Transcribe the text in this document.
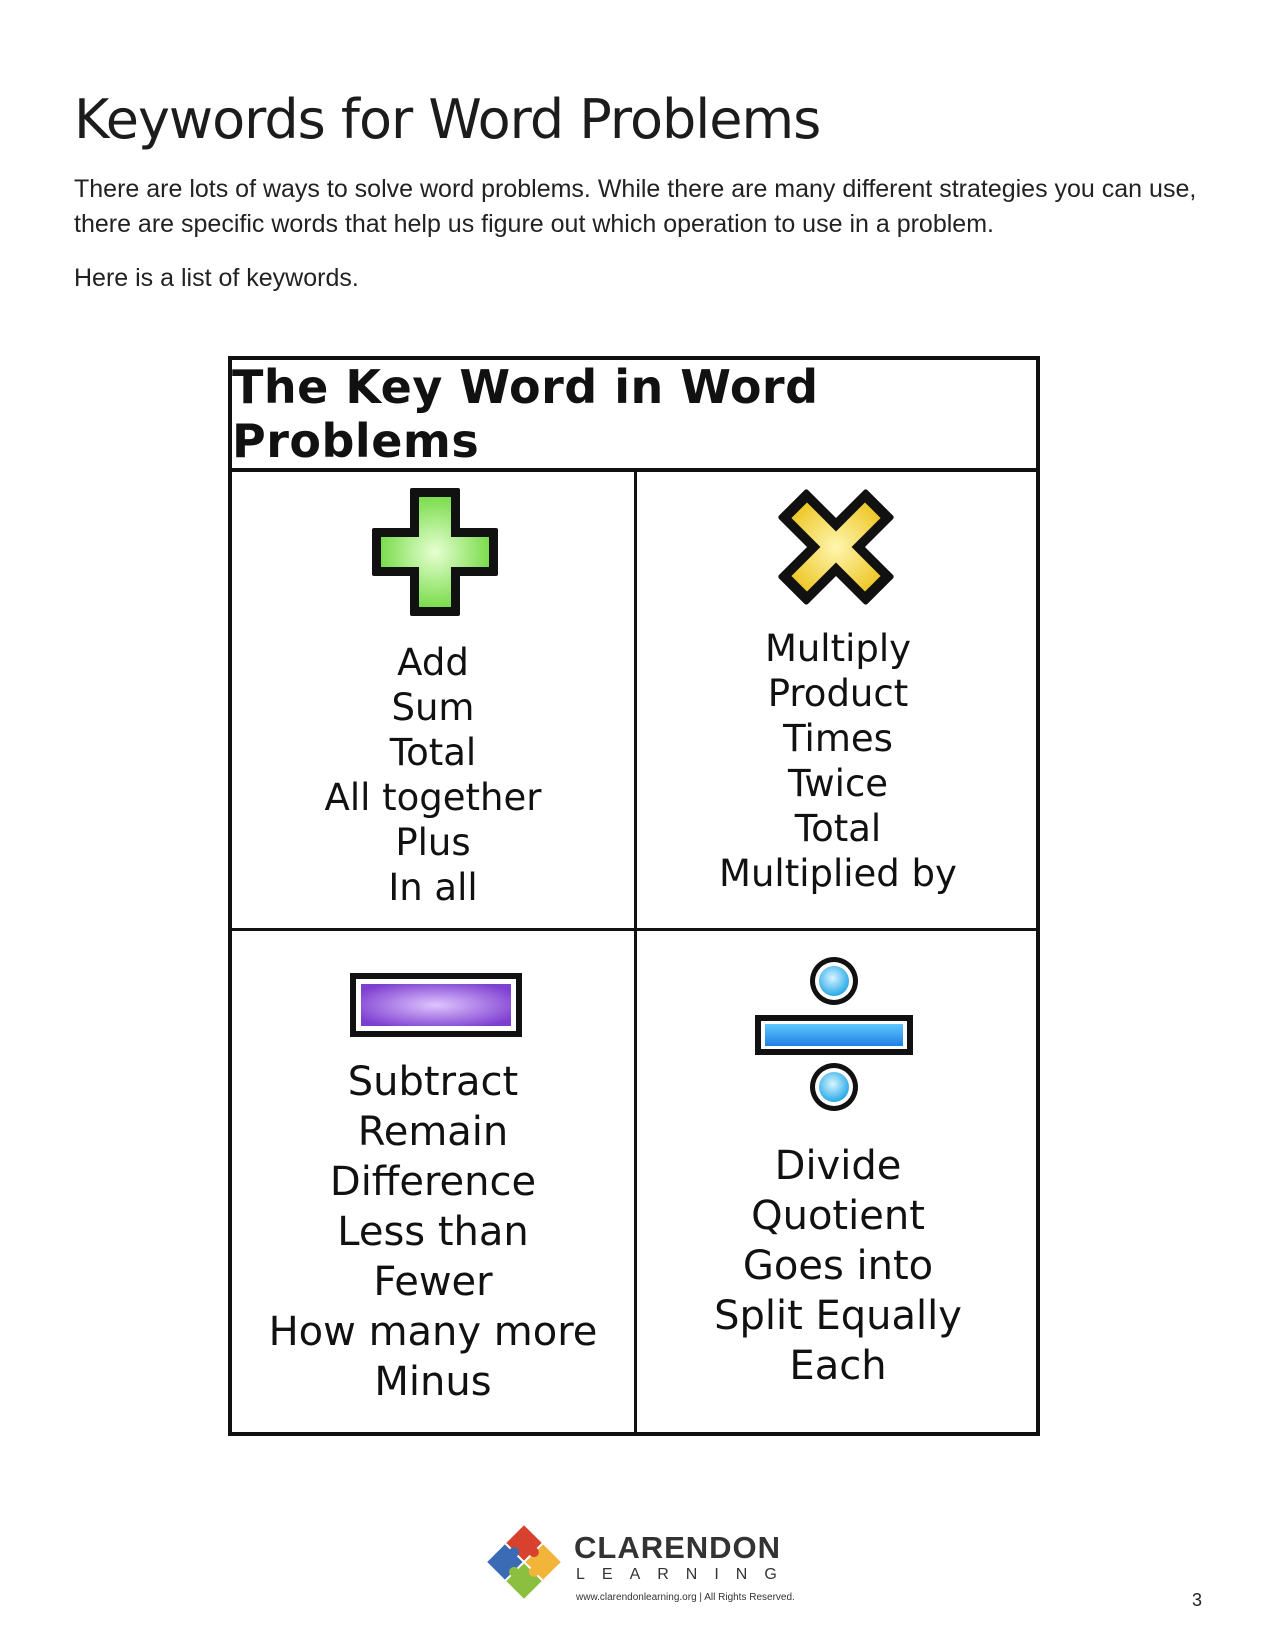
Keywords for Word Problems

There are lots of ways to solve word problems. While there are many different strategies you can use, there are specific words that help us figure out which operation to use in a problem.

Here is a list of keywords.

The Key Word in Word Problems
Add
Sum
Total
All together
Plus
In all
Multiply
Product
Times
Twice
Total
Multiplied by
Subtract
Remain
Difference
Less than
Fewer
How many more
Minus
Divide
Quotient
Goes into
Split Equally
Each

CLARENDON

LEARNING

www.clarendonlearning.org | All Rights Reserved.	3
